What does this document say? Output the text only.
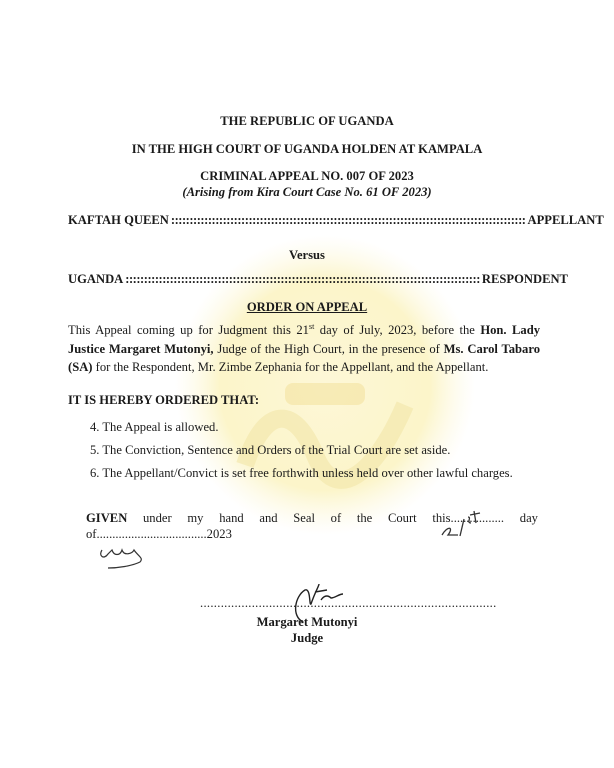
THE REPUBLIC OF UGANDA
IN THE HIGH COURT OF UGANDA HOLDEN AT KAMPALA
CRIMINAL APPEAL NO. 007 OF 2023
(Arising from Kira Court Case No. 61 OF 2023)
KAFTAH QUEEN :::::::::::::::::::::::::::::::::::::::::::::::::::::::::::::::::::::::::::::::::::::::::::::::: APPELLANT
Versus
UGANDA :::::::::::::::::::::::::::::::::::::::::::::::::::::::::::::::::::::::::::::::::::::::::::::::: RESPONDENT
ORDER ON APPEAL
This Appeal coming up for Judgment this 21st day of July, 2023, before the Hon. Lady Justice Margaret Mutonyi, Judge of the High Court, in the presence of Ms. Carol Tabaro (SA) for the Respondent, Mr. Zimbe Zephania for the Appellant, and the Appellant.
IT IS HEREBY ORDERED THAT:
4. The Appeal is allowed.
5. The Conviction, Sentence and Orders of the Trial Court are set aside.
6. The Appellant/Convict is set free forthwith unless held over other lawful charges.
GIVEN under my hand and Seal of the Court this................. day
of...................................2023
......................................................................................
Margaret Mutonyi
Judge
